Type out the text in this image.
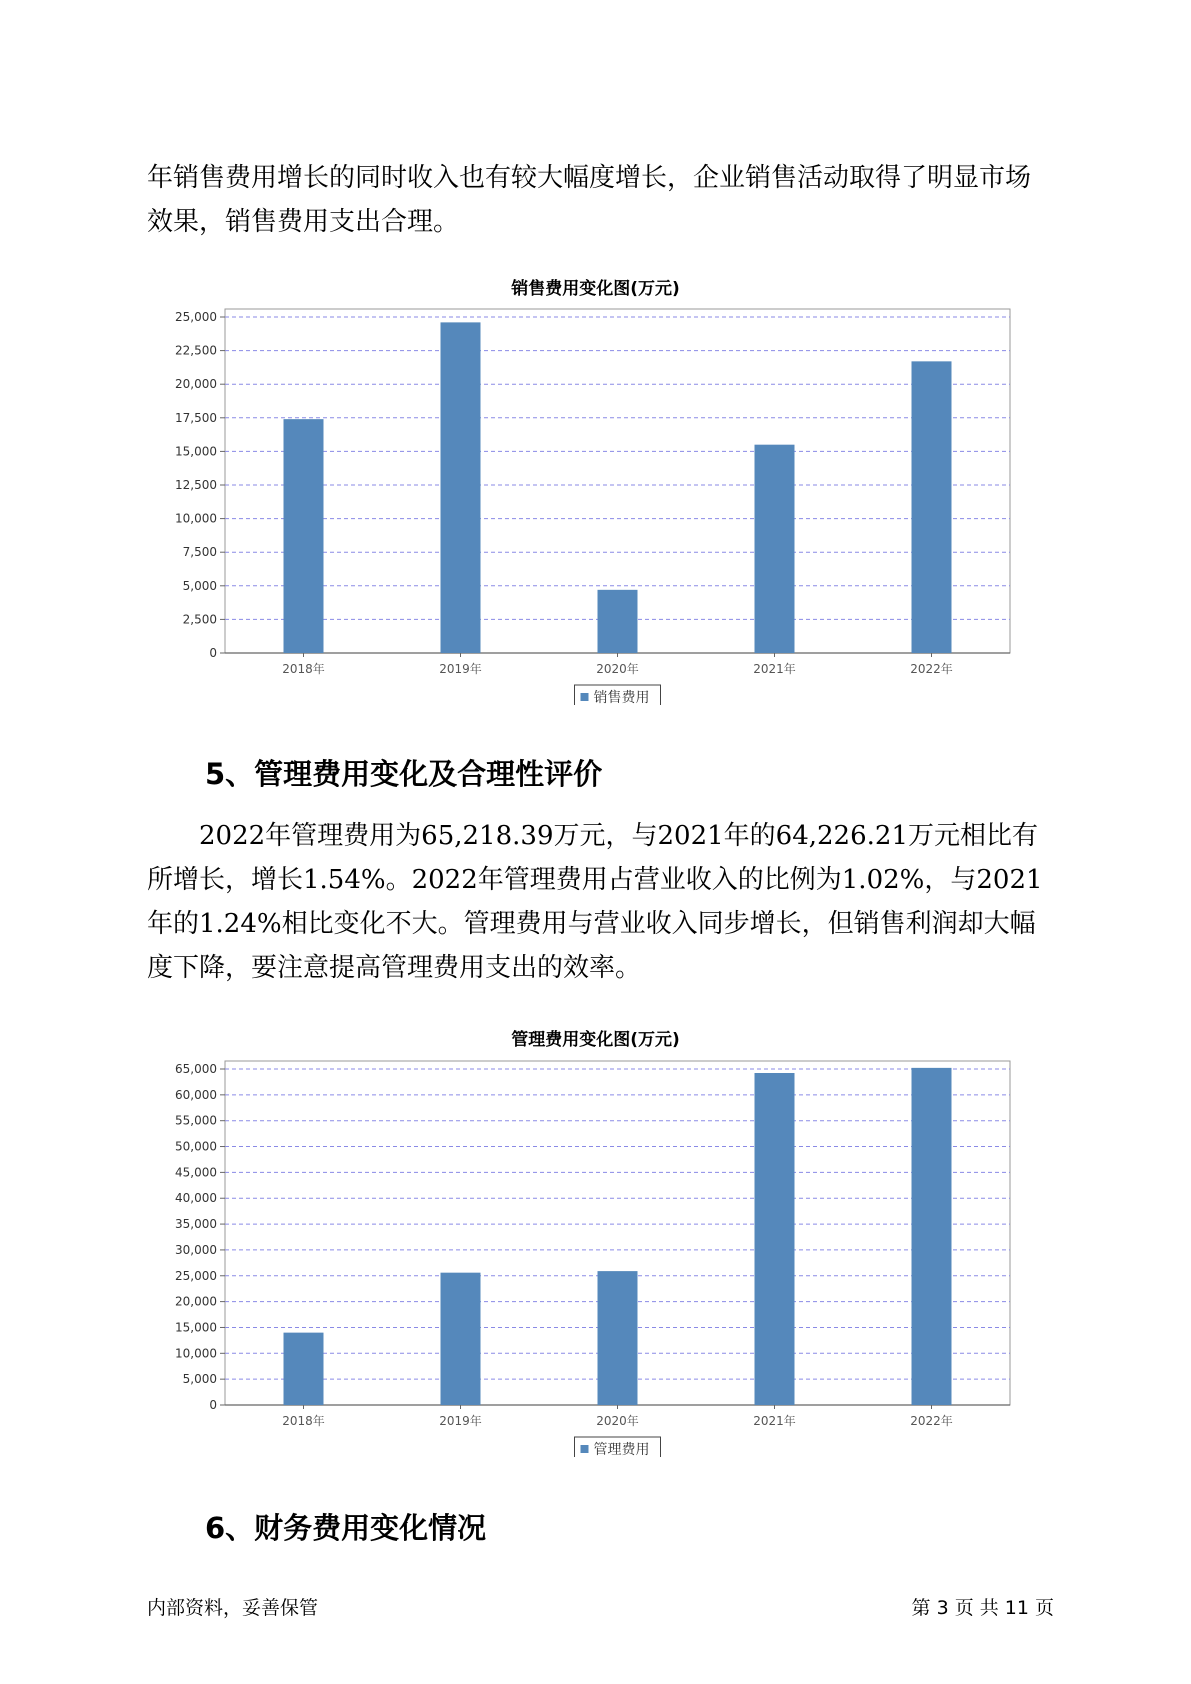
年销售费用增长的同时收入也有较大幅度增长，企业销售活动取得了明显市场效果，销售费用支出合理。

销售费用变化图(万元)
0
2,500
5,000
7,500
10,000
12,500
15,000
17,500
20,000
22,500
25,000
2018年	2019年	2020年	2021年	2022年
销售费用
5、管理费用变化及合理性评价

2022年管理费用为65,218.39万元，与2021年的64,226.21万元相比有所增长，增长1.54%。2022年管理费用占营业收入的比例为1.02%，与2021年的1.24%相比变化不大。管理费用与营业收入同步增长，但销售利润却大幅度下降，要注意提高管理费用支出的效率。

管理费用变化图(万元)
0
5,000
10,000
15,000
20,000
25,000
30,000
35,000
40,000
45,000
50,000
55,000
60,000
65,000
2018年	2019年	2020年	2021年	2022年
管理费用
6、财务费用变化情况
内部资料，妥善保管	第 3 页 共 11 页
